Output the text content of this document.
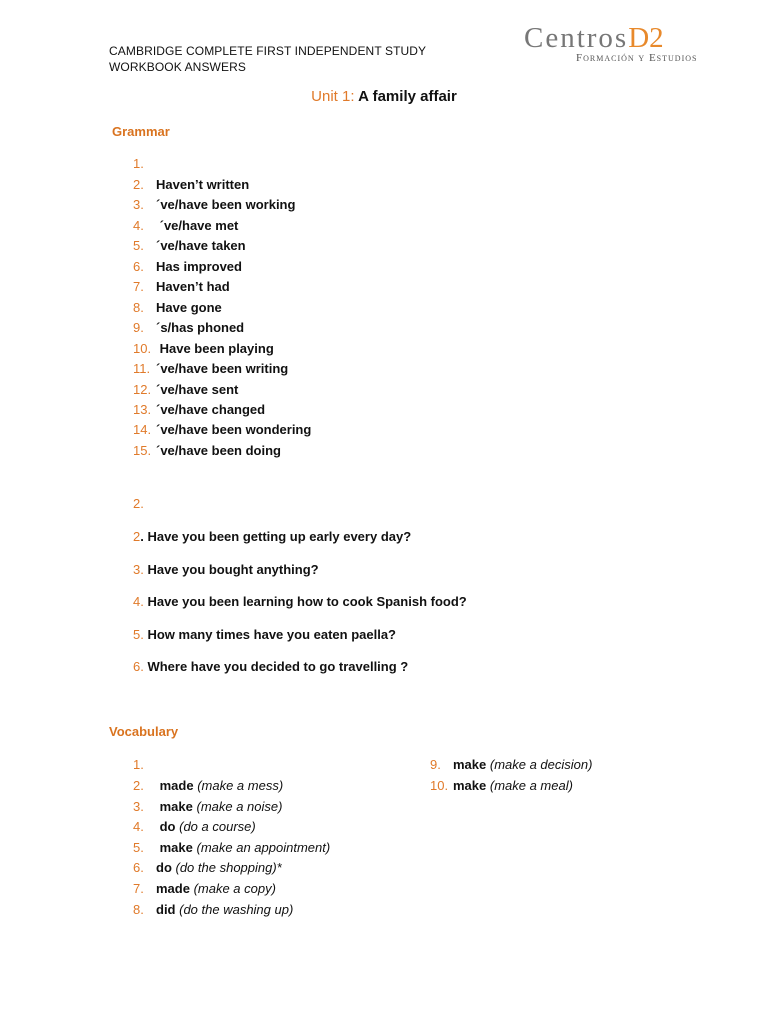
CAMBRIDGE COMPLETE FIRST INDEPENDENT STUDY
WORKBOOK ANSWERS
CentrosD2
Formación y Estudios
Unit 1: A family affair
Grammar
1.
2. Haven’t written
3. ´ve/have been working
4. ´ve/have met
5. ´ve/have taken
6. Has improved
7. Haven’t had
8. Have gone
9. ´s/has phoned
10. Have been playing
11. ´ve/have been writing
12. ´ve/have sent
13. ´ve/have changed
14. ´ve/have been wondering
15. ´ve/have been doing
2.
2. Have you been getting up early every day?
3. Have you bought anything?
4. Have you been learning how to cook Spanish food?
5. How many times have you eaten paella?
6. Where have you decided to go travelling ?
Vocabulary
1.
2. made (make a mess)
3. make (make a noise)
4. do (do a course)
5. make (make an appointment)
6. do (do the shopping)*
7. made (make a copy)
8. did (do the washing up)
9. make (make a decision)
10. make (make a meal)
